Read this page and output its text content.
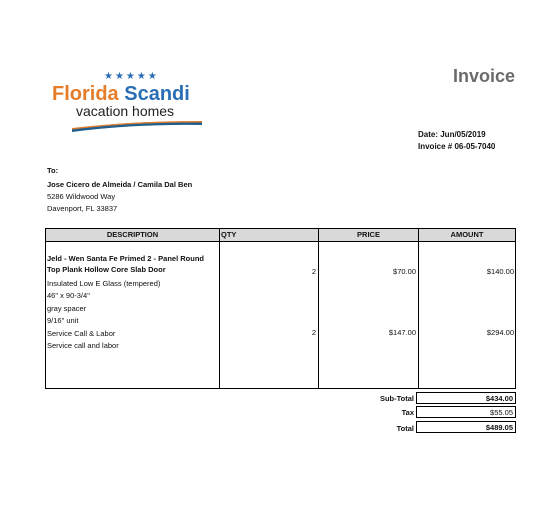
★★★★★
Florida Scandi
vacation homes
Invoice
Date: Jun/05/2019
Invoice # 06-05-7040
To:
Jose Cicero de Almeida / Camila Dal Ben
5286 Wildwood Way
Davenport, FL 33837
DESCRIPTION	QTY	PRICE	AMOUNT
Jeld - Wen Santa Fe Primed 2 - Panel Round
Top Plank Hollow Core Slab Door
Insulated Low E Glass (tempered)
46" x 90-3/4"
gray spacer
9/16" unit
2	$70.00	$140.00
Service Call & Labor
Service call and labor
2	$147.00	$294.00
Sub-Total	$434.00
Tax	$55.05
Total	$489.05
